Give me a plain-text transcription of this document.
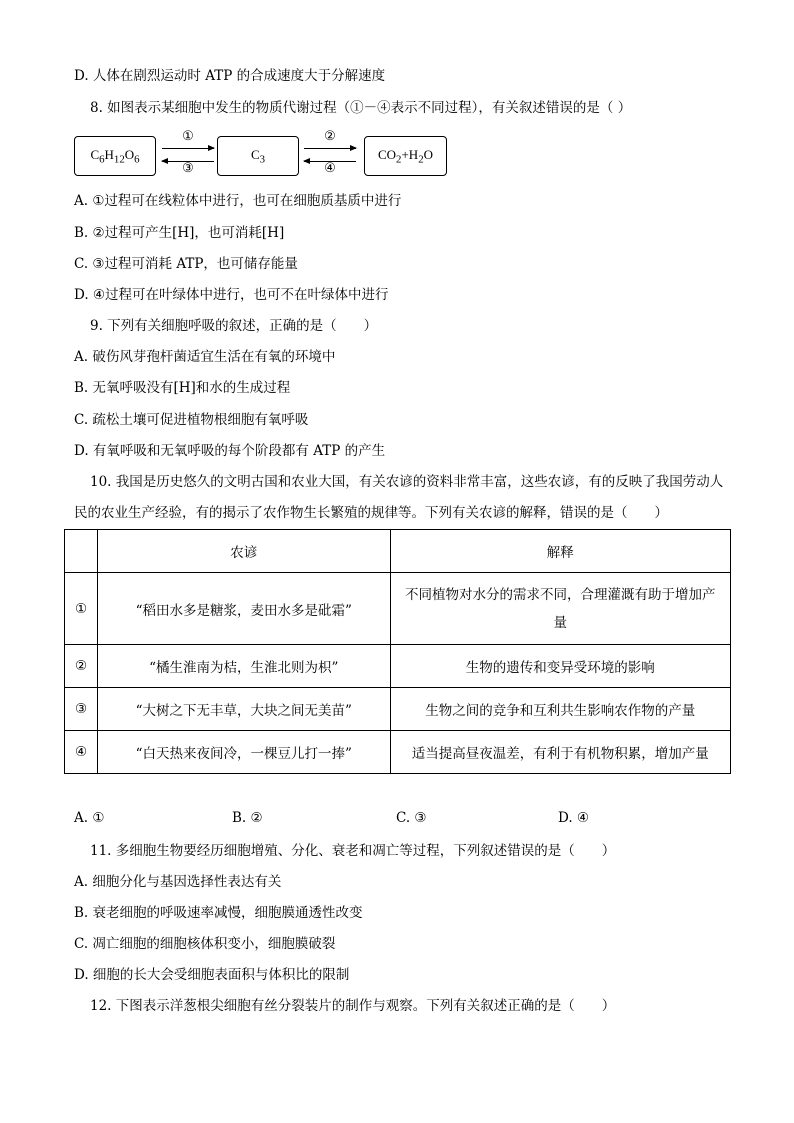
D. 人体在剧烈运动时 ATP 的合成速度大于分解速度
8. 如图表示某细胞中发生的物质代谢过程（①－④表示不同过程），有关叙述错误的是（ ）
$C_6H_{12}O_6$
①
③
$C_3$
②
④
$CO_2+H_2O$
A. ①过程可在线粒体中进行，也可在细胞质基质中进行
B. ②过程可产生[H]，也可消耗[H]
C. ③过程可消耗 ATP，也可储存能量
D. ④过程可在叶绿体中进行，也可不在叶绿体中进行
9. 下列有关细胞呼吸的叙述，正确的是（　　）
A. 破伤风芽孢杆菌适宜生活在有氧的环境中
B. 无氧呼吸没有[H]和水的生成过程
C. 疏松土壤可促进植物根细胞有氧呼吸
D. 有氧呼吸和无氧呼吸的每个阶段都有 ATP 的产生
10. 我国是历史悠久的文明古国和农业大国，有关农谚的资料非常丰富，这些农谚，有的反映了我国劳动人
民的农业生产经验，有的揭示了农作物生长繁殖的规律等。下列有关农谚的解释，错误的是（　　）
	农谚	解释
①	“稻田水多是糖浆，麦田水多是砒霜”	不同植物对水分的需求不同，合理灌溉有助于增加产量
②	“橘生淮南为桔，生淮北则为枳”	生物的遗传和变异受环境的影响
③	“大树之下无丰草，大块之间无美苗”	生物之间的竞争和互利共生影响农作物的产量
④	“白天热来夜间冷，一棵豆儿打一捧”	适当提高昼夜温差，有利于有机物积累，增加产量
A. ①	B. ②	C. ③	D. ④
11. 多细胞生物要经历细胞增殖、分化、衰老和凋亡等过程，下列叙述错误的是（　　）
A. 细胞分化与基因选择性表达有关
B. 衰老细胞的呼吸速率减慢，细胞膜通透性改变
C. 凋亡细胞的细胞核体积变小，细胞膜破裂
D. 细胞的长大会受细胞表面积与体积比的限制
12. 下图表示洋葱根尖细胞有丝分裂装片的制作与观察。下列有关叙述正确的是（　　）
